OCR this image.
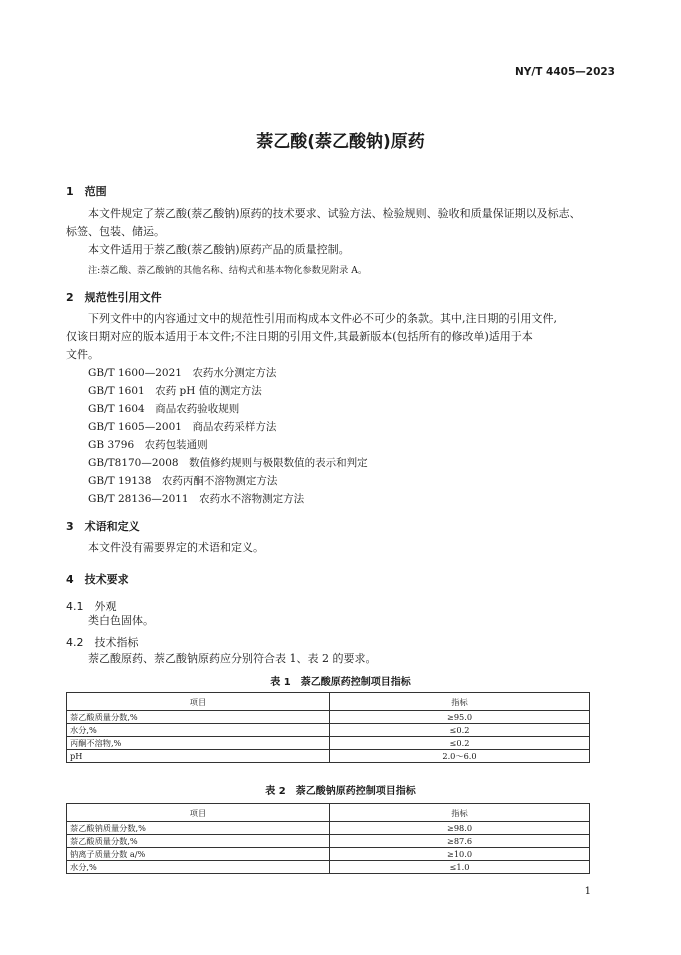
NY/T 4405—2023
萘乙酸(萘乙酸钠)原药
1　范围
本文件规定了萘乙酸(萘乙酸钠)原药的技术要求、试验方法、检验规则、验收和质量保证期以及标志、
标签、包装、储运。
本文件适用于萘乙酸(萘乙酸钠)原药产品的质量控制。
注:萘乙酸、萘乙酸钠的其他名称、结构式和基本物化参数见附录 A。
2　规范性引用文件
下列文件中的内容通过文中的规范性引用而构成本文件必不可少的条款。其中,注日期的引用文件,
仅该日期对应的版本适用于本文件;不注日期的引用文件,其最新版本(包括所有的修改单)适用于本
文件。
GB/T 1600—2021　 农药水分测定方法
GB/T 1601　 农药 pH 值的测定方法
GB/T 1604　 商品农药验收规则
GB/T 1605—2001　 商品农药采样方法
GB 3796　 农药包装通则
GB/T8170—2008　 数值修约规则与极限数值的表示和判定
GB/T 19138　 农药丙酮不溶物测定方法
GB/T 28136—2011　 农药水不溶物测定方法
3　术语和定义
本文件没有需要界定的术语和定义。
4　技术要求
4.1　外观
类白色固体。
4.2　技术指标
萘乙酸原药、萘乙酸钠原药应分别符合表 1、表 2 的要求。
表 1　萘乙酸原药控制项目指标
项目	指标
萘乙酸质量分数,%	≥95.0
水分,%	≤0.2
丙酮不溶物,%	≤0.2
pH	2.0～6.0
表 2　萘乙酸钠原药控制项目指标
项目	指标
萘乙酸钠质量分数,%	≥98.0
萘乙酸质量分数,%	≥87.6
钠离子质量分数 a/%	≥10.0
水分,%	≤1.0
1
